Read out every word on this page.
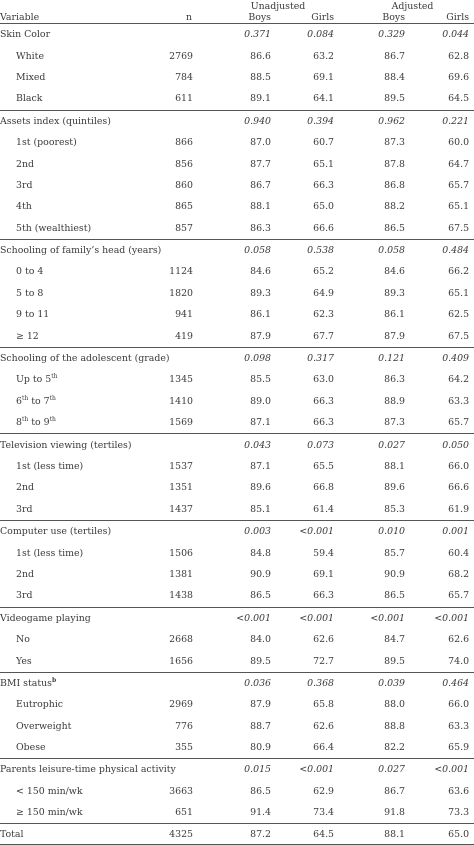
Variable	n	Unadjusted		Adjusted	
		Boys	Girls	Boys	Girls
Skin Color		0.371	0.084	0.329	0.044
White	2769	86.6	63.2	86.7	62.8
Mixed	784	88.5	69.1	88.4	69.6
Black	611	89.1	64.1	89.5	64.5
Assets index (quintiles)		0.940	0.394	0.962	0.221
1st (poorest)	866	87.0	60.7	87.3	60.0
2nd	856	87.7	65.1	87.8	64.7
3rd	860	86.7	66.3	86.8	65.7
4th	865	88.1	65.0	88.2	65.1
5th (wealthiest)	857	86.3	66.6	86.5	67.5
Schooling of family’s head (years)		0.058	0.538	0.058	0.484
0 to 4	1124	84.6	65.2	84.6	66.2
5 to 8	1820	89.3	64.9	89.3	65.1
9 to 11	941	86.1	62.3	86.1	62.5
≥ 12	419	87.9	67.7	87.9	67.5
Schooling of the adolescent (grade)		0.098	0.317	0.121	0.409
Up to 5th	1345	85.5	63.0	86.3	64.2
6th to 7th	1410	89.0	66.3	88.9	63.3
8th to 9th	1569	87.1	66.3	87.3	65.7
Television viewing (tertiles)		0.043	0.073	0.027	0.050
1st (less time)	1537	87.1	65.5	88.1	66.0
2nd	1351	89.6	66.8	89.6	66.6
3rd	1437	85.1	61.4	85.3	61.9
Computer use (tertiles)		0.003	<0.001	0.010	0.001
1st (less time)	1506	84.8	59.4	85.7	60.4
2nd	1381	90.9	69.1	90.9	68.2
3rd	1438	86.5	66.3	86.5	65.7
Videogame playing		<0.001	<0.001	<0.001	<0.001
No	2668	84.0	62.6	84.7	62.6
Yes	1656	89.5	72.7	89.5	74.0
BMI status$^b$		0.036	0.368	0.039	0.464
Eutrophic	2969	87.9	65.8	88.0	66.0
Overweight	776	88.7	62.6	88.8	63.3
Obese	355	80.9	66.4	82.2	65.9
Parents leisure-time physical activity		0.015	<0.001	0.027	<0.001
< 150 min/wk	3663	86.5	62.9	86.7	63.6
≥ 150 min/wk	651	91.4	73.4	91.8	73.3
Total	4325	87.2	64.5	88.1	65.0
